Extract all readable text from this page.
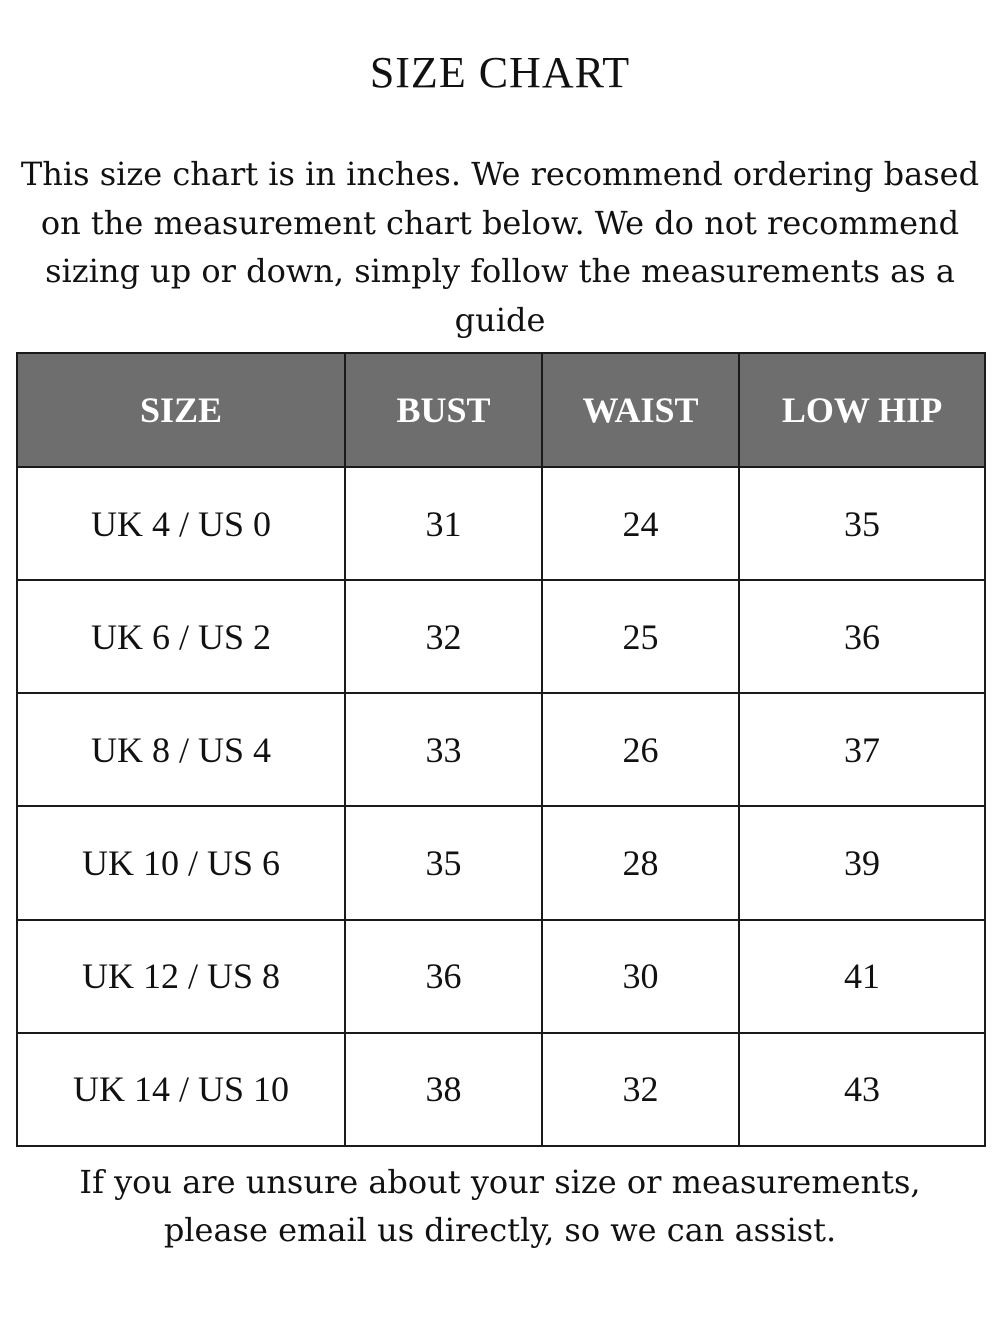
SIZE CHART

This size chart is in inches. We recommend ordering based
on the measurement chart below. We do not recommend
sizing up or down, simply follow the measurements as a
guide

SIZE	BUST	WAIST	LOW HIP
UK 4 / US 0	31	24	35
UK 6 / US 2	32	25	36
UK 8 / US 4	33	26	37
UK 10 / US 6	35	28	39
UK 12 / US 8	36	30	41
UK 14 / US 10	38	32	43

If you are unsure about your size or measurements,
please email us directly, so we can assist.
